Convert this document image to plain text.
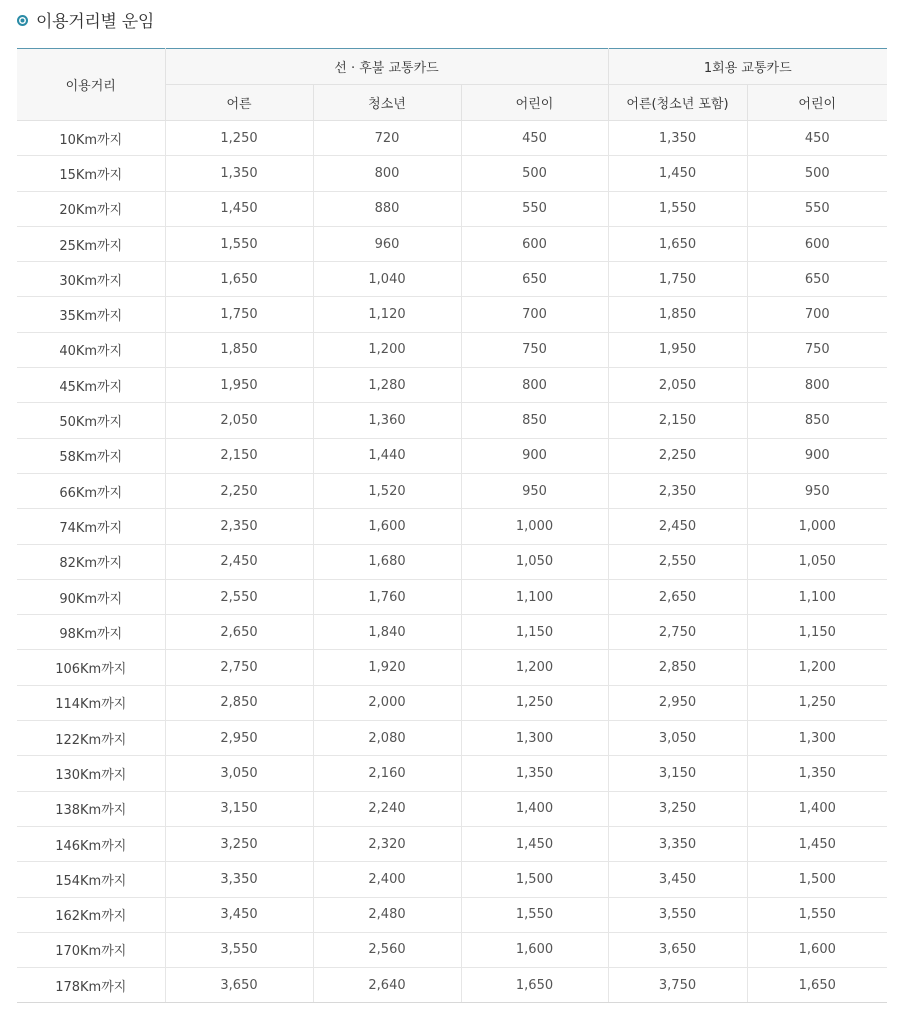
이용거리별 운임
이용거리	선 · 후불 교통카드			1회용 교통카드	
	어른	청소년	어린이	어른(청소년 포함)	어린이
10Km까지	1,250	720	450	1,350	450
15Km까지	1,350	800	500	1,450	500
20Km까지	1,450	880	550	1,550	550
25Km까지	1,550	960	600	1,650	600
30Km까지	1,650	1,040	650	1,750	650
35Km까지	1,750	1,120	700	1,850	700
40Km까지	1,850	1,200	750	1,950	750
45Km까지	1,950	1,280	800	2,050	800
50Km까지	2,050	1,360	850	2,150	850
58Km까지	2,150	1,440	900	2,250	900
66Km까지	2,250	1,520	950	2,350	950
74Km까지	2,350	1,600	1,000	2,450	1,000
82Km까지	2,450	1,680	1,050	2,550	1,050
90Km까지	2,550	1,760	1,100	2,650	1,100
98Km까지	2,650	1,840	1,150	2,750	1,150
106Km까지	2,750	1,920	1,200	2,850	1,200
114Km까지	2,850	2,000	1,250	2,950	1,250
122Km까지	2,950	2,080	1,300	3,050	1,300
130Km까지	3,050	2,160	1,350	3,150	1,350
138Km까지	3,150	2,240	1,400	3,250	1,400
146Km까지	3,250	2,320	1,450	3,350	1,450
154Km까지	3,350	2,400	1,500	3,450	1,500
162Km까지	3,450	2,480	1,550	3,550	1,550
170Km까지	3,550	2,560	1,600	3,650	1,600
178Km까지	3,650	2,640	1,650	3,750	1,650
